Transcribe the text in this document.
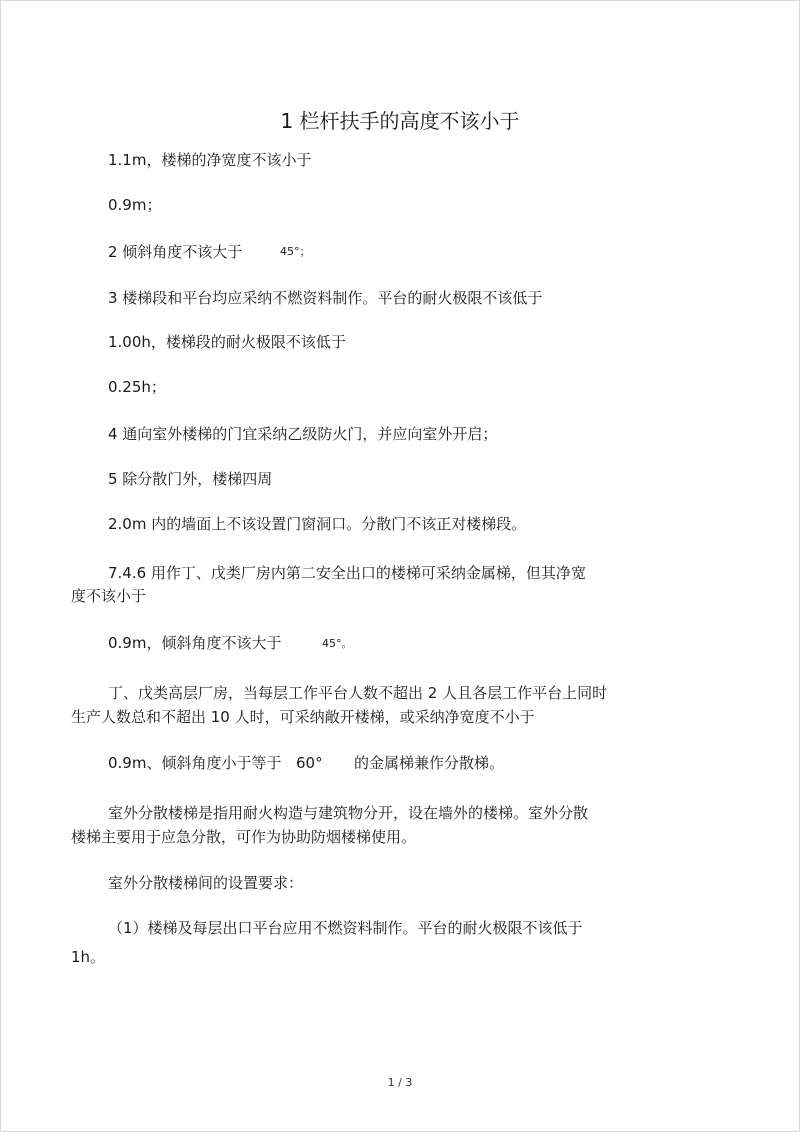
1 栏杆扶手的高度不该小于
1.1m，楼梯的净宽度不该小于
0.9m；
2 倾斜角度不该大于	45°；
3 楼梯段和平台均应采纳不燃资料制作。平台的耐火极限不该低于
1.00h，楼梯段的耐火极限不该低于
0.25h；
4 通向室外楼梯的门宜采纳乙级防火门，并应向室外开启；
5 除分散门外，楼梯四周
2.0m 内的墙面上不该设置门窗洞口。分散门不该正对楼梯段。
7.4.6 用作丁、戊类厂房内第二安全出口的楼梯可采纳金属梯，但其净宽
度不该小于
0.9m，倾斜角度不该大于	45°。
丁、戊类高层厂房，当每层工作平台人数不超出 2 人且各层工作平台上同时
生产人数总和不超出 10 人时，可采纳敞开楼梯，或采纳净宽度不小于
0.9m、倾斜角度小于等于 60° 的金属梯兼作分散梯。
室外分散楼梯是指用耐火构造与建筑物分开，设在墙外的楼梯。室外分散
楼梯主要用于应急分散，可作为协助防烟楼梯使用。
室外分散楼梯间的设置要求：
（1）楼梯及每层出口平台应用不燃资料制作。平台的耐火极限不该低于
1h。
1 / 3
